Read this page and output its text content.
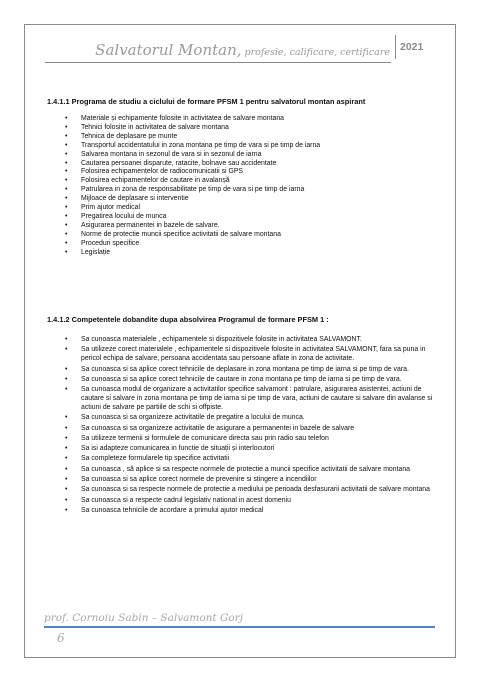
Salvatorul Montan, profesie, calificare, certificare 2021
1.4.1.1 Programa de studiu a ciclului de formare PFSM 1 pentru salvatorul montan aspirant
• Materiale și echipamente folosite in activitatea de salvare montana
• Tehnici folosite in activitatea de salvare montana
• Tehnica de deplasare pe munte
• Transportul accidentatului in zona montana pe timp de vara si pe timp de iarna
• Salvarea montana in sezonul de vara si in sezonul de iarna
• Cautarea persoanei disparute, ratacite, bolnave sau accidentate
• Folosirea echipamentelor de radiocomunicatii si GPS
• Folosirea echipamentelor de cautare in avalanșă
• Patrularea in zona de responsabilitate pe timp de vara si pe timp de iarna
• Mijloace de deplasare si interventie
• Prim ajutor medical
• Pregatirea locului de munca
• Asigurarea permanentei in bazele de salvare.
• Norme de protectie muncii specifice activitatii de salvare montana
• Proceduri specifice
• Legislație
1.4.1.2 Competentele dobandite dupa absolvirea Programul de formare PFSM 1 :
• Sa cunoasca materialele , echipamentele si dispozitivele folosite in activitatea SALVAMONT.
• Sa utilizeze corect materialele , echipamentele si dispozitivele folosite in activitatea SALVAMONT, fara sa puna in pericol echipa de salvare, persoana accidentata sau persoane aflate in zona de activitate.
• Sa cunoasca si sa aplice corect tehnicile de deplasare in zona montana pe timp de iarna si pe timp de vara.
• Sa cunoasca si sa aplice corect tehnicile de cautare in zona montana pe timp de iarna si pe timp de vara.
• Sa cunoasca modul de organizare a activitatilor specifice salvamont : patrulare, asigurarea asistentei, actiuni de cautare si salvare in zona montana pe timp de iarna si pe timp de vara, actiuni de cautare si salvare din avalanse si actiuni de salvare pe partiile de schi si offpiste.
• Sa cunoasca si sa organizeze activitatile de pregatire a locului de munca.
• Sa cunoasca si sa organizeze activitatile de asigurare a permanentei in bazele de salvare
• Sa utilizeze termenii si formulele de comunicare directa sau prin radio sau telefon
• Sa isi adapteze comunicarea in functie de situații și interlocutori
• Sa completeze formularele tip specifice activitatii
• Sa cunoasca , să aplice si sa respecte normele de protectie a muncii specifice activitatii de salvare montana
• Sa cunoasca si sa aplice corect normele de prevenire si stingere a incendiilor
• Sa cunoasca si sa respecte normele de protectie a mediului pe perioada desfasurarii activitatii de salvare montana
• Sa cunoasca si a respecte cadrul legislativ national in acest domeniu
• Sa cunoasca tehnicile de acordare a primului ajutor medical
prof. Cornoiu Sabin – Salvamont Gorj
6
